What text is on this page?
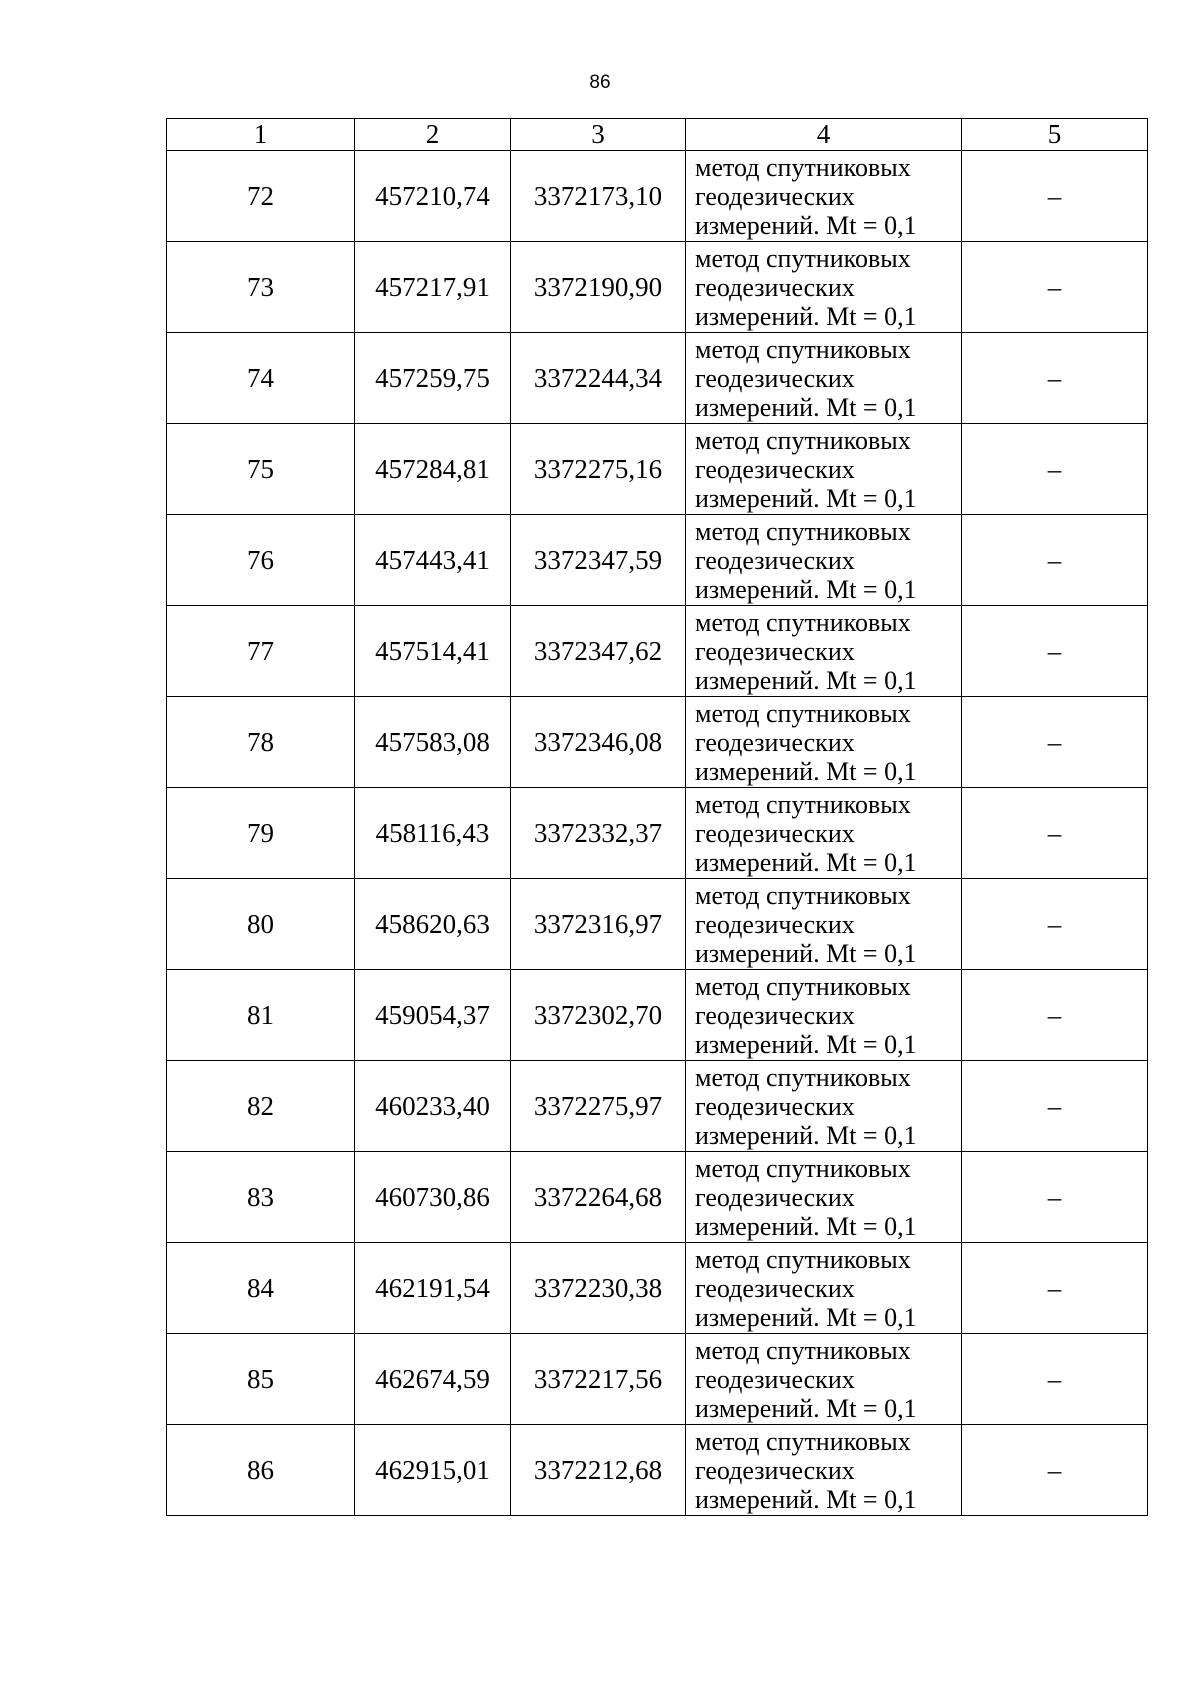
86
1	2	3	4	5
72	457210,74	3372173,10	метод спутниковых
геодезических
измерений. Mt = 0,1	–
73	457217,91	3372190,90	метод спутниковых
геодезических
измерений. Mt = 0,1	–
74	457259,75	3372244,34	метод спутниковых
геодезических
измерений. Mt = 0,1	–
75	457284,81	3372275,16	метод спутниковых
геодезических
измерений. Mt = 0,1	–
76	457443,41	3372347,59	метод спутниковых
геодезических
измерений. Mt = 0,1	–
77	457514,41	3372347,62	метод спутниковых
геодезических
измерений. Mt = 0,1	–
78	457583,08	3372346,08	метод спутниковых
геодезических
измерений. Mt = 0,1	–
79	458116,43	3372332,37	метод спутниковых
геодезических
измерений. Mt = 0,1	–
80	458620,63	3372316,97	метод спутниковых
геодезических
измерений. Mt = 0,1	–
81	459054,37	3372302,70	метод спутниковых
геодезических
измерений. Mt = 0,1	–
82	460233,40	3372275,97	метод спутниковых
геодезических
измерений. Mt = 0,1	–
83	460730,86	3372264,68	метод спутниковых
геодезических
измерений. Mt = 0,1	–
84	462191,54	3372230,38	метод спутниковых
геодезических
измерений. Mt = 0,1	–
85	462674,59	3372217,56	метод спутниковых
геодезических
измерений. Mt = 0,1	–
86	462915,01	3372212,68	метод спутниковых
геодезических
измерений. Mt = 0,1	–
